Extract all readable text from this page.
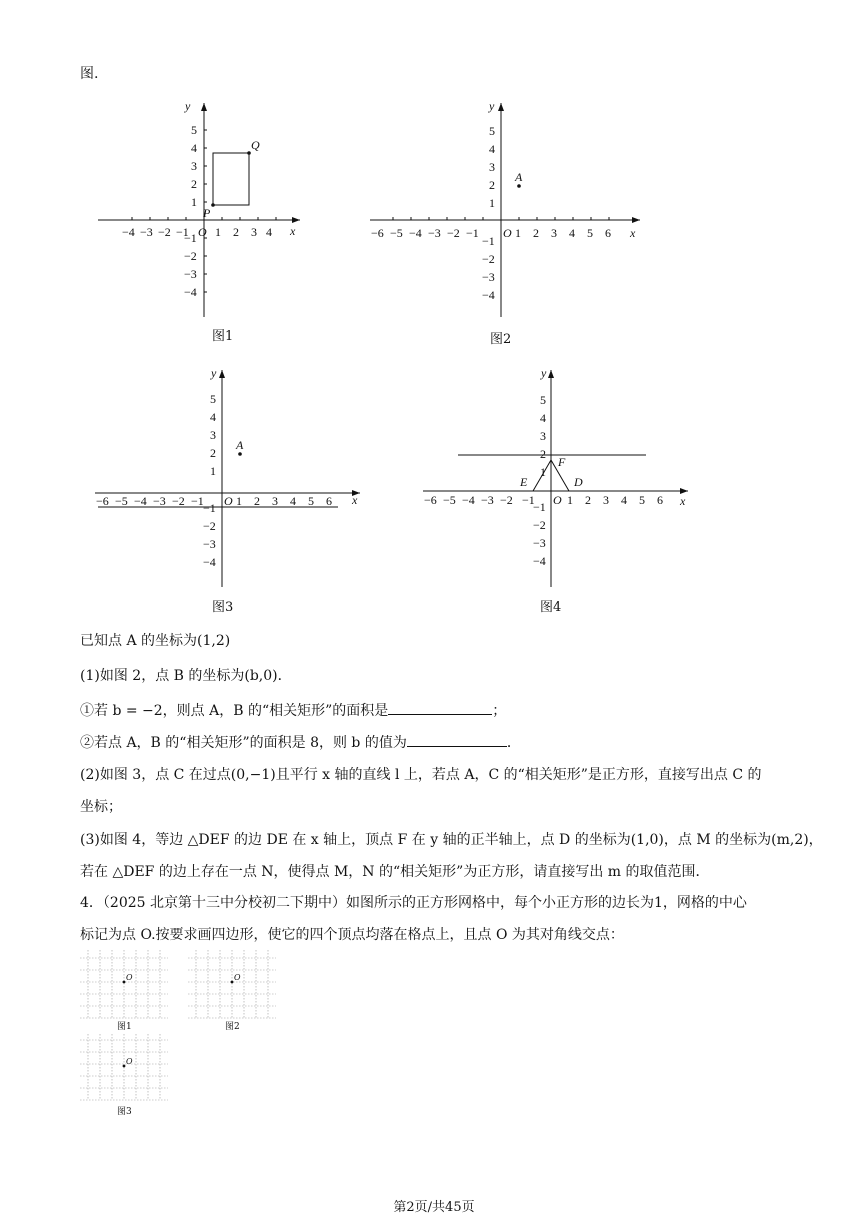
图.
y
x
O
P
Q
−4 −3 −2 −1 1 2 3 4
5
4
3
2
1
−1
−2
−3
−4
图1
y
x
O
A
−6 −5 −4 −3 −2 −1	1 2 3 4 5 6
5
4
3
2
1
−1
−2
−3
−4
图2
y
x
O
A
−6 −5 −4 −3 −2 −1	1 2 3 4 5 6
5
4
3
2
1
−1
−2
−3
−4
图3
y
x
O
E
F
D
−6 −5 −4 −3 −2 −1	1 2 3 4 5 6
5
4
3
2
1
−1
−2
−3
−4
图4
已知点 A 的坐标为(1,2)
(1)如图 2，点 B 的坐标为(b,0)．
①若 b = −2，则点 A，B 的“相关矩形”的面积是	；
②若点 A，B 的“相关矩形”的面积是 8，则 b 的值为	．
(2)如图 3，点 C 在过点(0,−1)且平行 x 轴的直线 l 上，若点 A，C 的“相关矩形”是正方形，直接写出点 C 的
坐标；
(3)如图 4，等边 △DEF 的边 DE 在 x 轴上，顶点 F 在 y 轴的正半轴上，点 D 的坐标为(1,0)，点 M 的坐标为(m,2)，
若在 △DEF 的边上存在一点 N，使得点 M，N 的“相关矩形”为正方形，请直接写出 m 的取值范围．
4．（2025 北京第十三中分校初二下期中）如图所示的正方形网格中，每个小正方形的边长为1，网格的中心
标记为点 O.按要求画四边形，使它的四个顶点均落在格点上，且点 O 为其对角线交点：
O
图1
O
图2
O
图3
第2页/共45页
